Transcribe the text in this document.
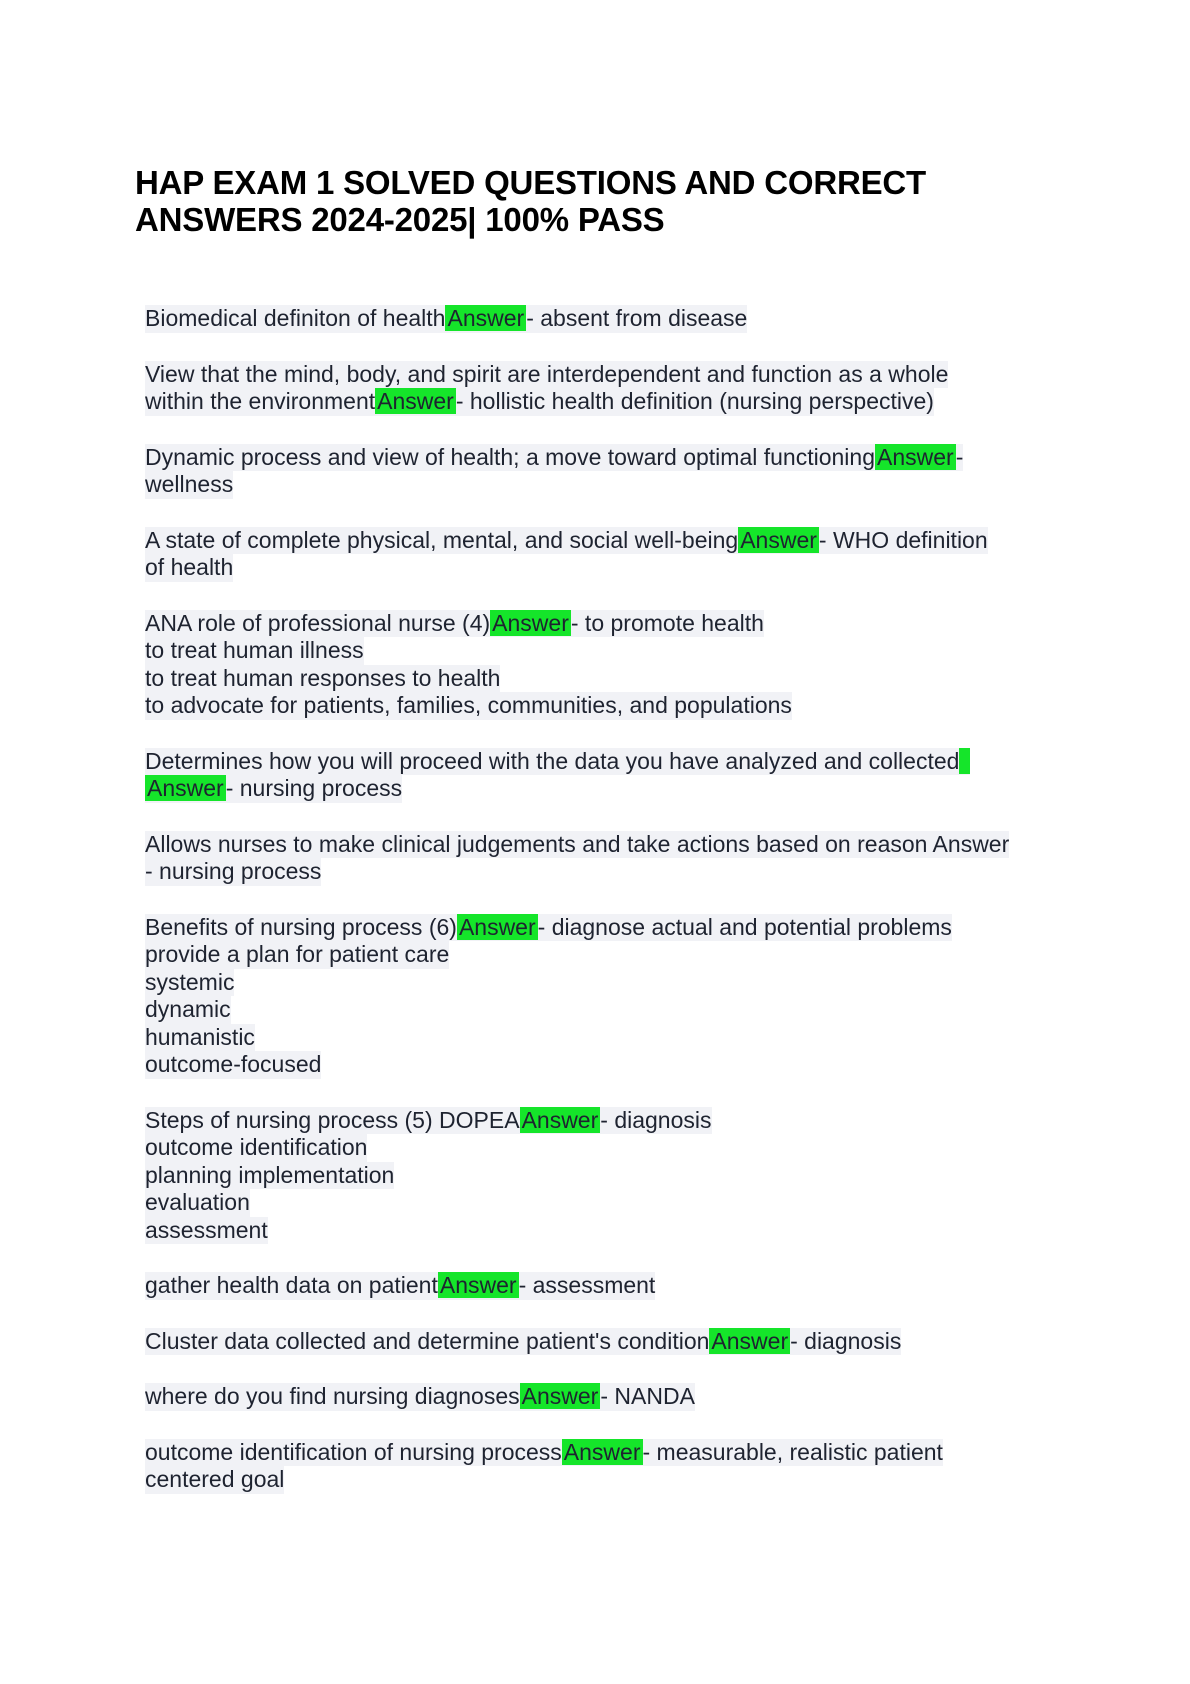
HAP EXAM 1 SOLVED QUESTIONS AND CORRECT
ANSWERS 2024-2025| 100% PASS
Biomedical definiton of healthAnswer- absent from disease
View that the mind, body, and spirit are interdependent and function as a whole
within the environmentAnswer- hollistic health definition (nursing perspective)
Dynamic process and view of health; a move toward optimal functioningAnswer-
wellness
A state of complete physical, mental, and social well-beingAnswer- WHO definition
of health
ANA role of professional nurse (4)Answer- to promote health
to treat human illness
to treat human responses to health
to advocate for patients, families, communities, and populations
Determines how you will proceed with the data you have analyzed and collected
Answer- nursing process
Allows nurses to make clinical judgements and take actions based on reason Answer
- nursing process
Benefits of nursing process (6)Answer- diagnose actual and potential problems
provide a plan for patient care
systemic
dynamic
humanistic
outcome-focused
Steps of nursing process (5) DOPEAAnswer- diagnosis
outcome identification
planning implementation
evaluation
assessment
gather health data on patientAnswer- assessment
Cluster data collected and determine patient's conditionAnswer- diagnosis
where do you find nursing diagnosesAnswer- NANDA
outcome identification of nursing processAnswer- measurable, realistic patient
centered goal
